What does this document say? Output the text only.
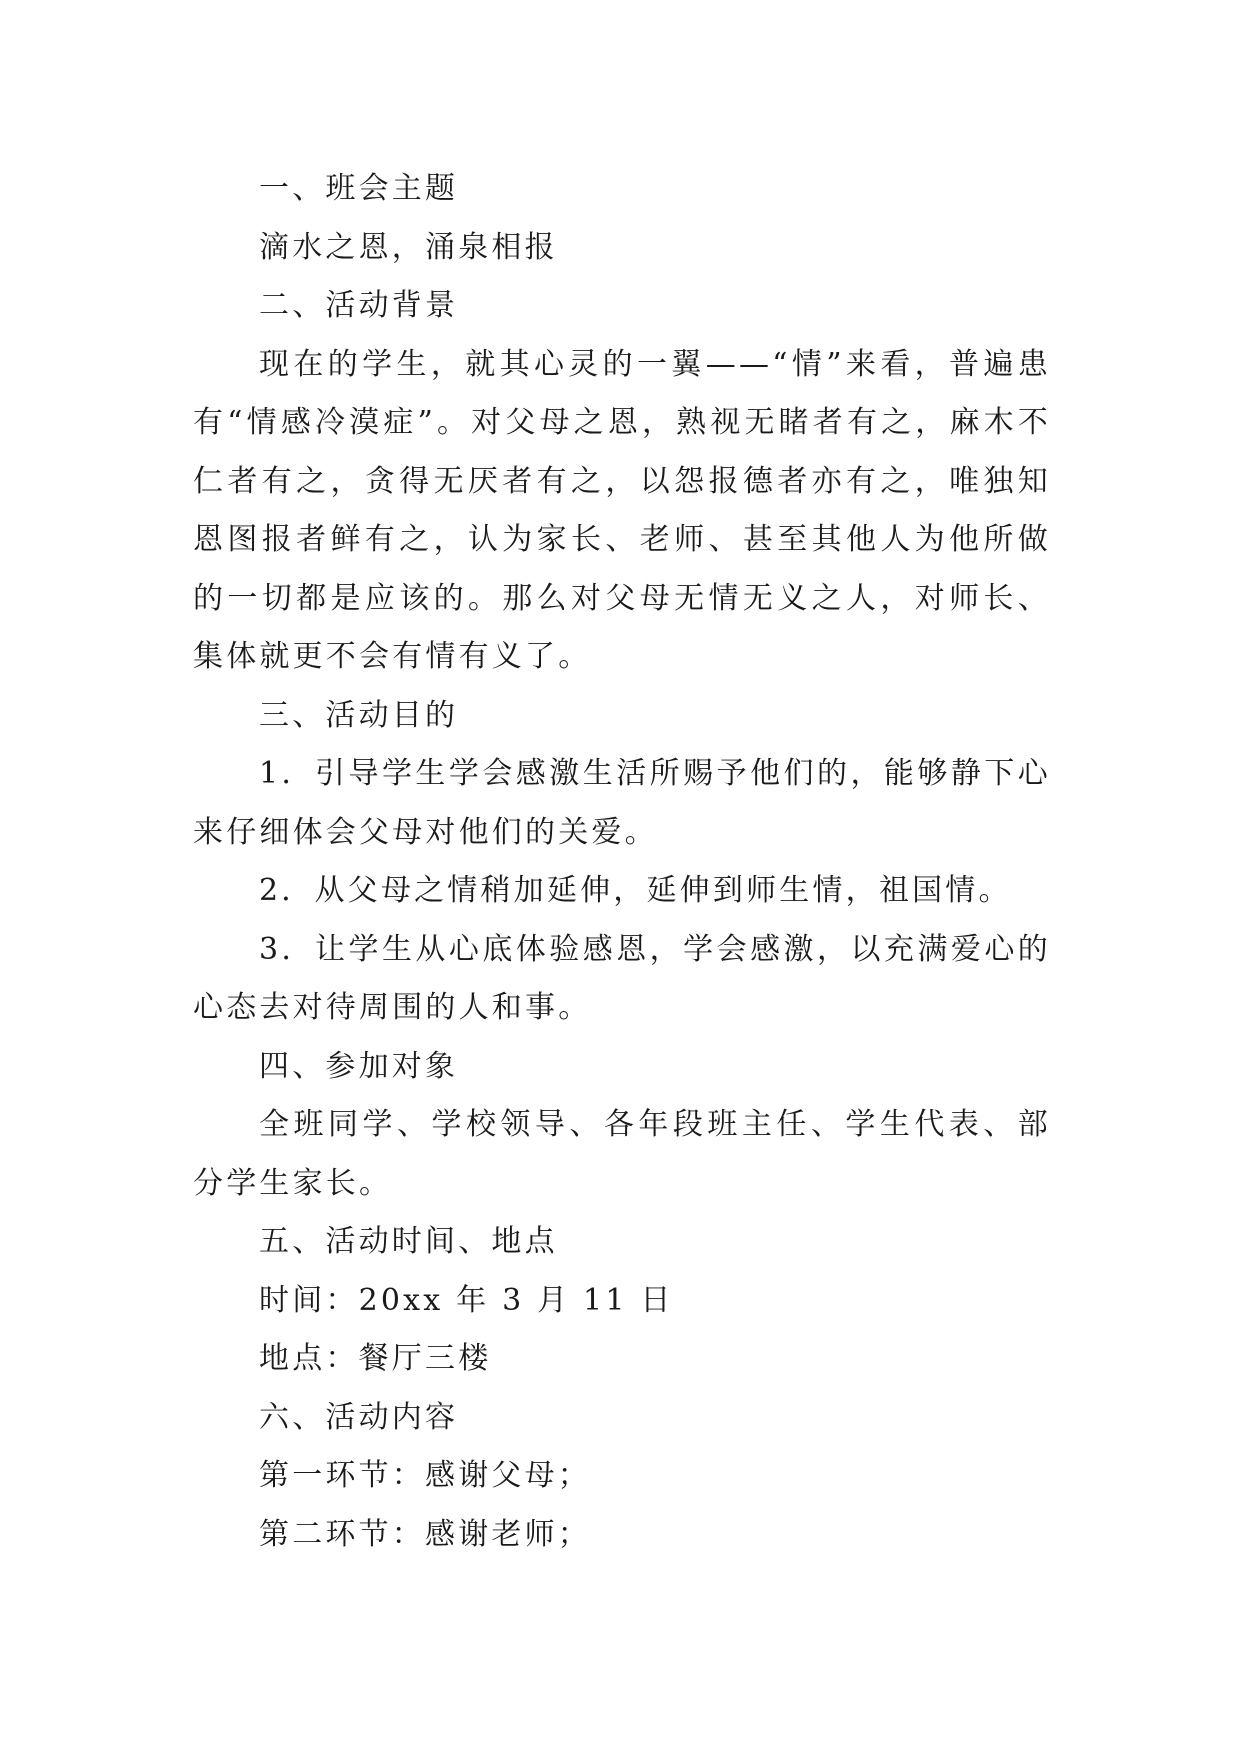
一、班会主题

滴水之恩，涌泉相报

二、活动背景

现在的学生，就其心灵的一翼——“情”来看，普遍患有“情感冷漠症”。对父母之恩，熟视无睹者有之，麻木不仁者有之，贪得无厌者有之，以怨报德者亦有之，唯独知恩图报者鲜有之，认为家长、老师、甚至其他人为他所做的一切都是应该的。那么对父母无情无义之人，对师长、集体就更不会有情有义了。

三、活动目的

1．引导学生学会感激生活所赐予他们的，能够静下心来仔细体会父母对他们的关爱。

2．从父母之情稍加延伸，延伸到师生情，祖国情。

3．让学生从心底体验感恩，学会感激，以充满爱心的心态去对待周围的人和事。

四、参加对象

全班同学、学校领导、各年段班主任、学生代表、部分学生家长。

五、活动时间、地点

时间：20xx 年 3 月 11 日

地点：餐厅三楼

六、活动内容

第一环节：感谢父母；

第二环节：感谢老师；
